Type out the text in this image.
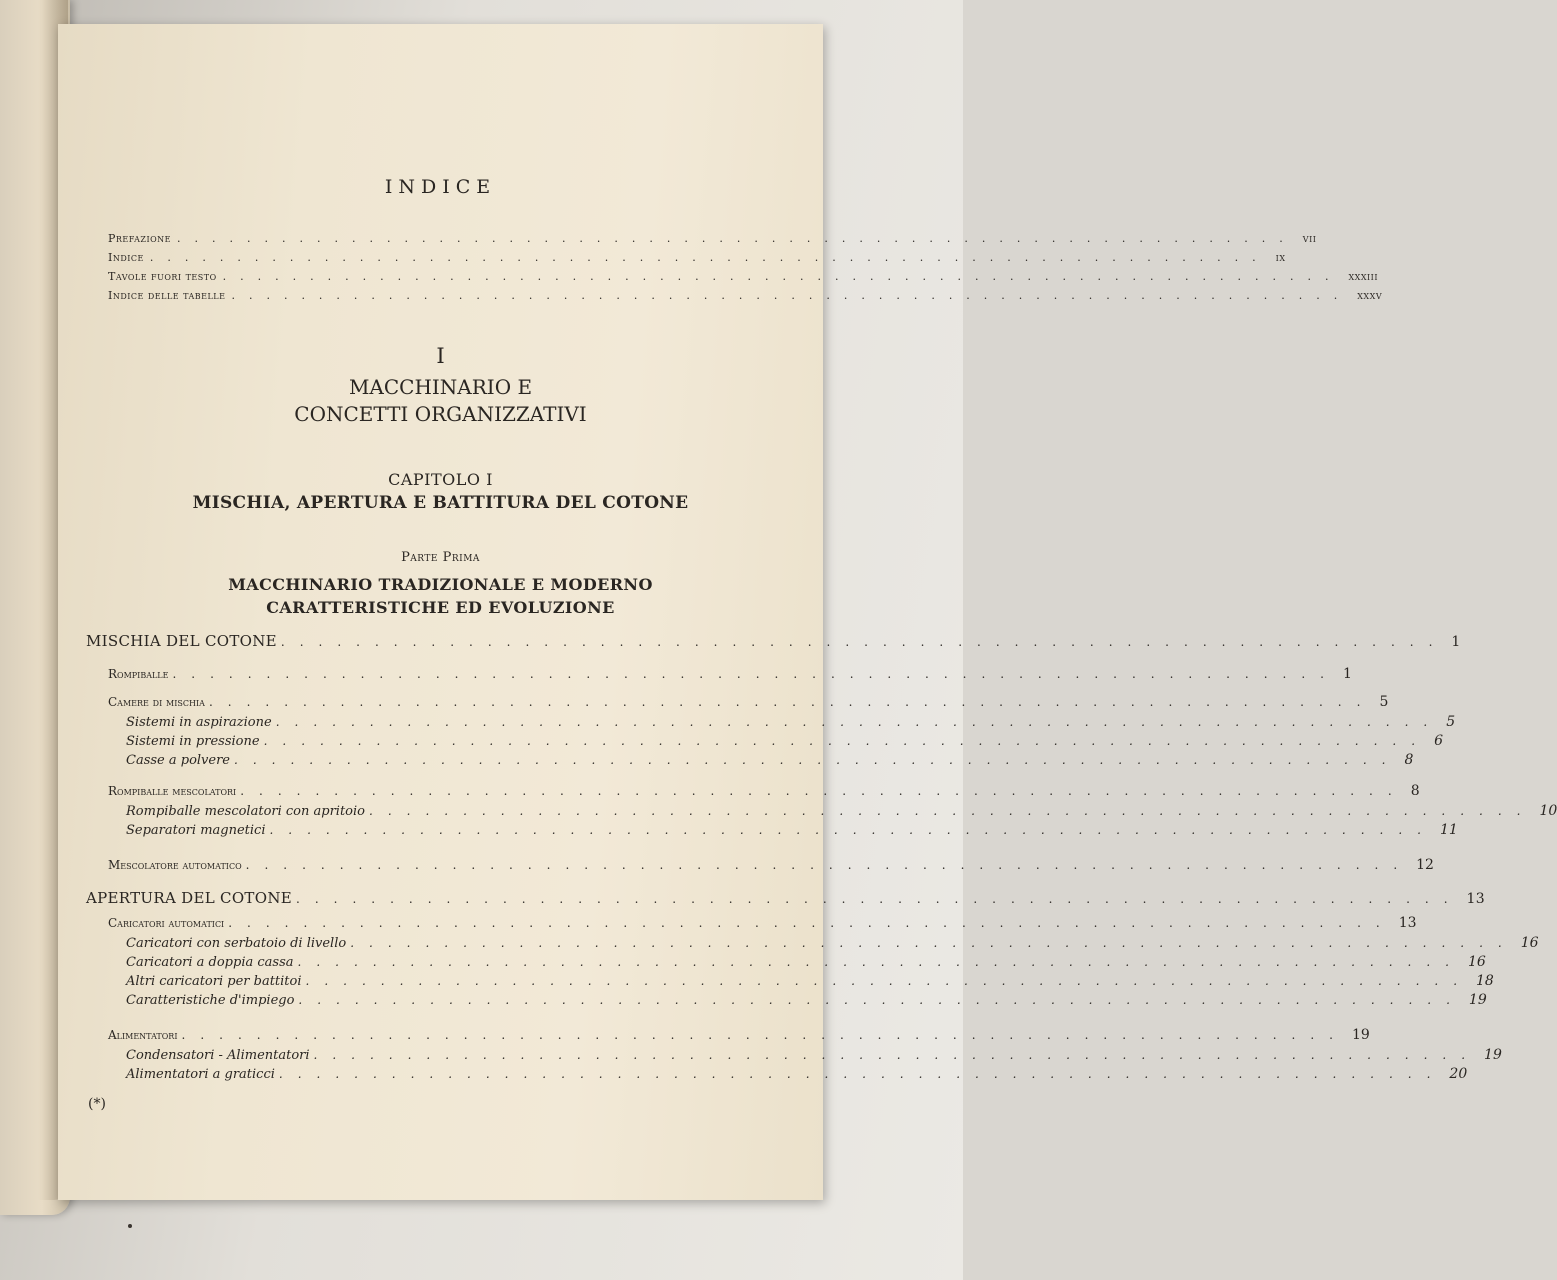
INDICE
Prefazione ................................................................ vii
Indice ................................................................ ix
Tavole fuori testo ................................................................ xxxiii
Indice delle tabelle ................................................................ xxxv
I
MACCHINARIO E
CONCETTI ORGANIZZATIVI
CAPITOLO I
MISCHIA, APERTURA E BATTITURA DEL COTONE
Parte Prima
MACCHINARIO TRADIZIONALE E MODERNO
CARATTERISTICHE ED EVOLUZIONE
MISCHIA DEL COTONE .............................................................. 1
Rompiballe .............................................................. 1
Camere di mischia .............................................................. 5
Sistemi in aspirazione .............................................................. 5
Sistemi in pressione .............................................................. 6
Casse a polvere .............................................................. 8
Rompiballe mescolatori .............................................................. 8
Rompiballe mescolatori con apritoio .............................................................. 10
Separatori magnetici .............................................................. 11
Mescolatore automatico .............................................................. 12
APERTURA DEL COTONE .............................................................. 13
Caricatori automatici .............................................................. 13
Caricatori con serbatoio di livello .............................................................. 16
Caricatori a doppia cassa .............................................................. 16
Altri caricatori per battitoi .............................................................. 18
Caratteristiche d'impiego .............................................................. 19
Alimentatori .............................................................. 19
Condensatori - Alimentatori .............................................................. 19
Alimentatori a graticci .............................................................. 20
(*)
